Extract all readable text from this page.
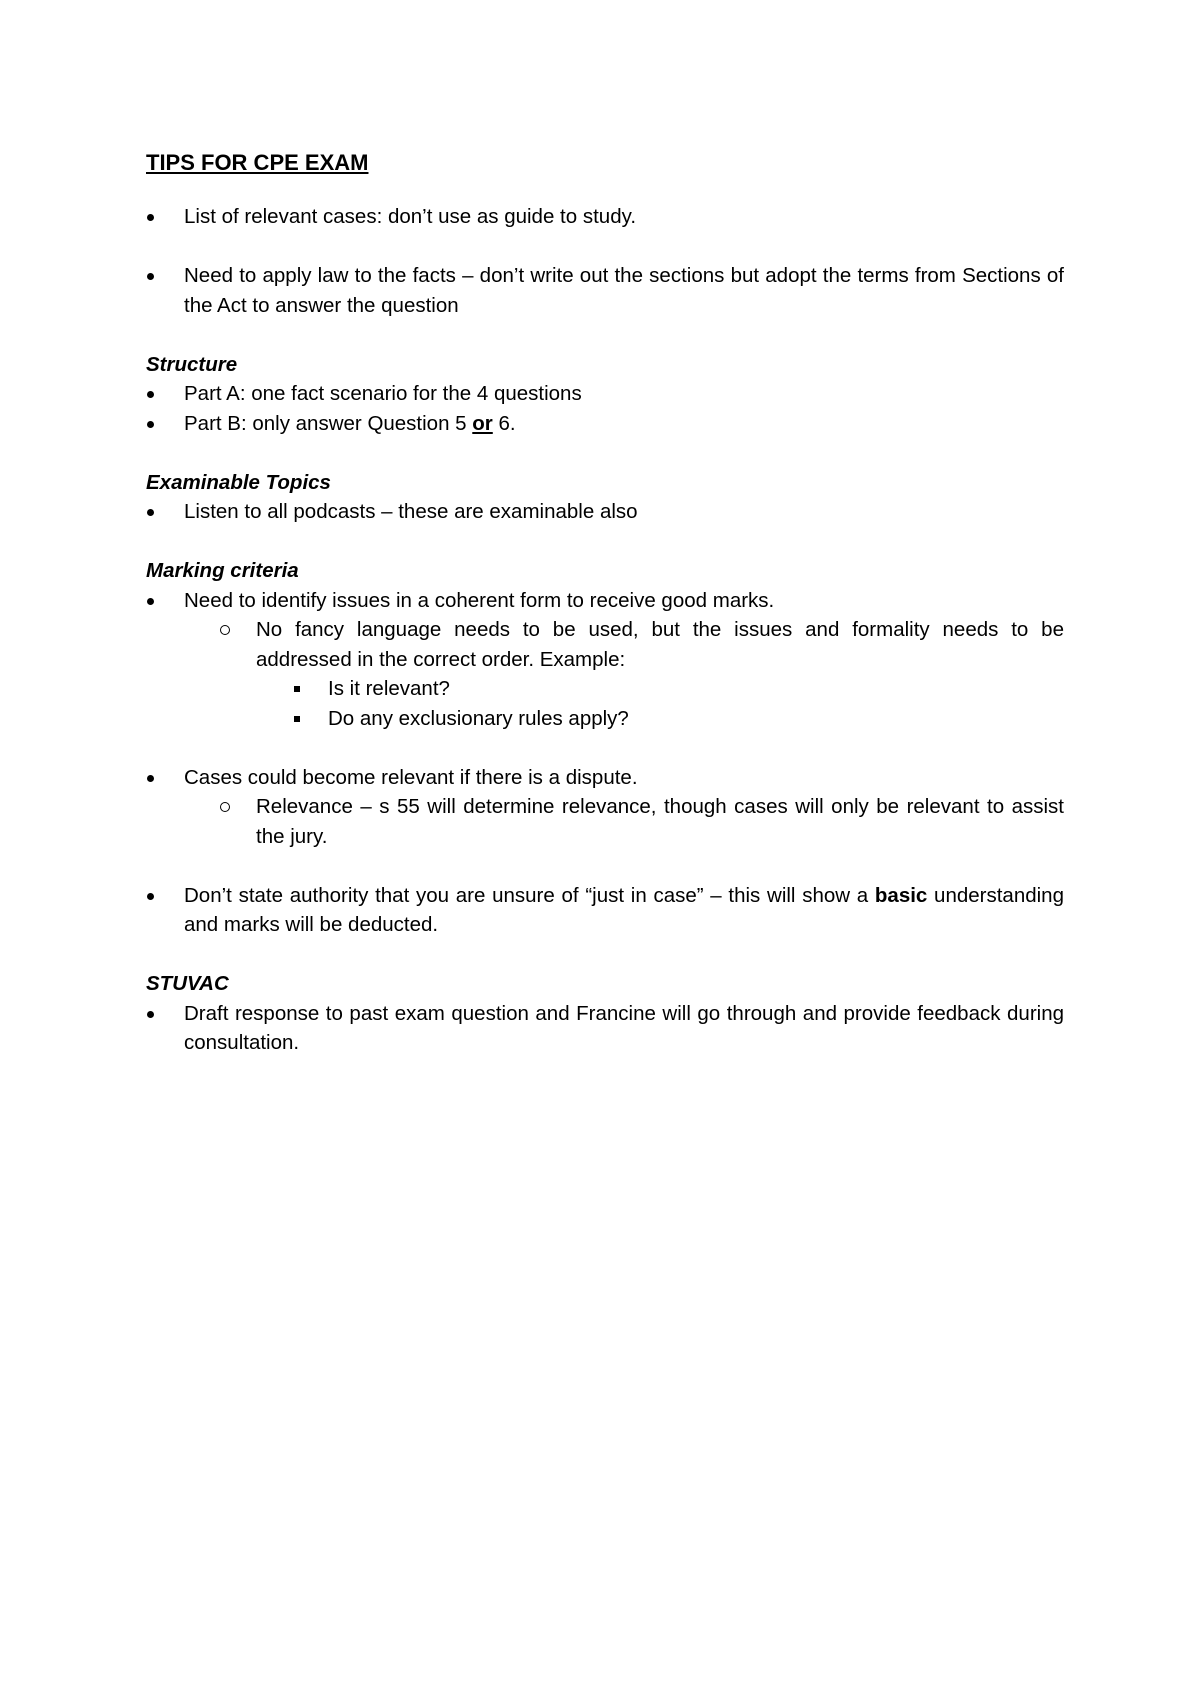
TIPS FOR CPE EXAM
List of relevant cases: don’t use as guide to study.
Need to apply law to the facts – don’t write out the sections but adopt the terms from Sections of the Act to answer the question
Structure
Part A: one fact scenario for the 4 questions
Part B: only answer Question 5 or 6.
Examinable Topics
Listen to all podcasts – these are examinable also
Marking criteria
Need to identify issues in a coherent form to receive good marks.
No fancy language needs to be used, but the issues and formality needs to be addressed in the correct order. Example:
Is it relevant?
Do any exclusionary rules apply?
Cases could become relevant if there is a dispute.
Relevance – s 55 will determine relevance, though cases will only be relevant to assist the jury.
Don’t state authority that you are unsure of “just in case” – this will show a basic understanding and marks will be deducted.
STUVAC
Draft response to past exam question and Francine will go through and provide feedback during consultation.
